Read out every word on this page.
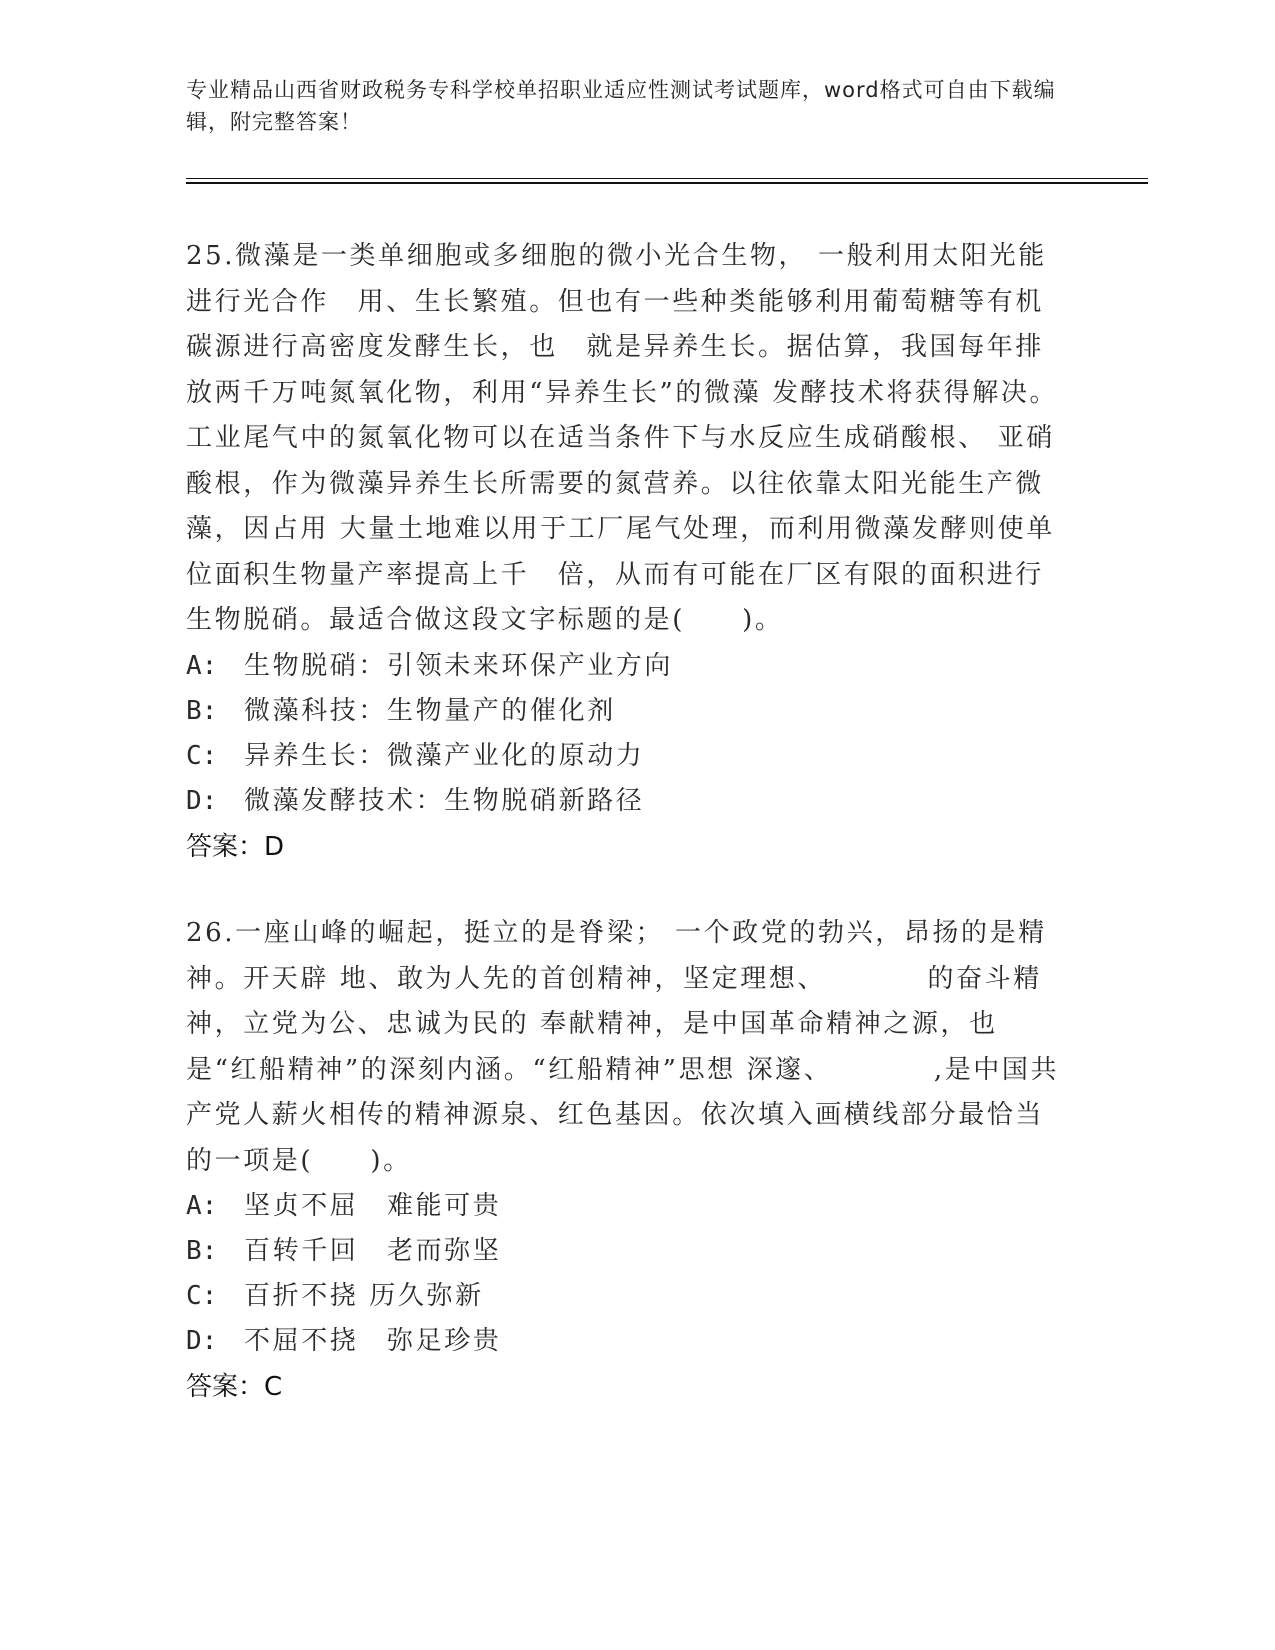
专业精品山西省财政税务专科学校单招职业适应性测试考试题库，word格式可自由下载编辑，附完整答案！

25.微藻是一类单细胞或多细胞的微小光合生物， 一般利用太阳光能进行光合作　用、生长繁殖。但也有一些种类能够利用葡萄糖等有机碳源进行高密度发酵生长，也　就是异养生长。据估算，我国每年排放两千万吨氮氧化物，利用“异养生长”的微藻 发酵技术将获得解决。工业尾气中的氮氧化物可以在适当条件下与水反应生成硝酸根、 亚硝酸根，作为微藻异养生长所需要的氮营养。以往依靠太阳光能生产微藻，因占用 大量土地难以用于工厂尾气处理，而利用微藻发酵则使单位面积生物量产率提高上千　倍，从而有可能在厂区有限的面积进行生物脱硝。最适合做这段文字标题的是(　　)。

A: 生物脱硝：引领未来环保产业方向
B: 微藻科技：生物量产的催化剂
C: 异养生长：微藻产业化的原动力
D: 微藻发酵技术：生物脱硝新路径
答案：D

26.一座山峰的崛起，挺立的是脊梁； 一个政党的勃兴，昂扬的是精神。开天辟 地、敢为人先的首创精神，坚定理想、　　　　的奋斗精神，立党为公、忠诚为民的 奉献精神，是中国革命精神之源，也是“红船精神”的深刻内涵。“红船精神”思想 深邃、　　　　,是中国共产党人薪火相传的精神源泉、红色基因。依次填入画横线部分最恰当的一项是(　　)。

A: 坚贞不屈　难能可贵
B: 百转千回　老而弥坚
C: 百折不挠 历久弥新
D: 不屈不挠　弥足珍贵
答案：C
